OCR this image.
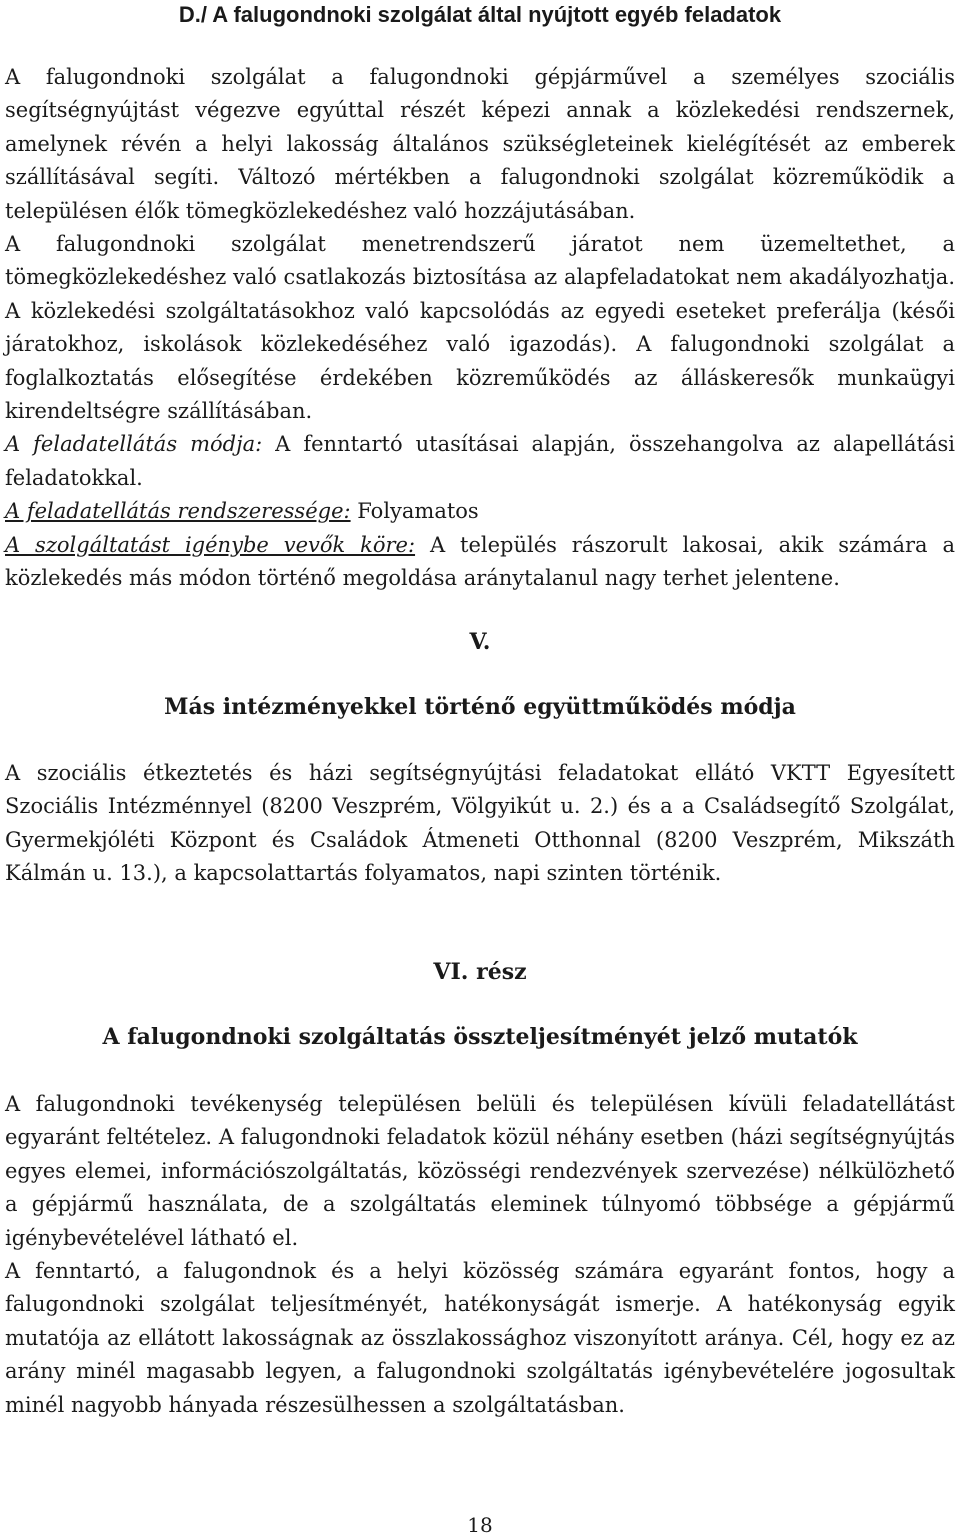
D./ A falugondnoki szolgálat által nyújtott egyéb feladatok

A falugondnoki szolgálat a falugondnoki gépjárművel a személyes szociális segítségnyújtást végezve egyúttal részét képezi annak a közlekedési rendszernek, amelynek révén a helyi lakosság általános szükségleteinek kielégítését az emberek szállításával segíti. Változó mértékben a falugondnoki szolgálat közreműködik a településen élők tömegközlekedéshez való hozzájutásában.

A falugondnoki szolgálat menetrendszerű járatot nem üzemeltethet, a tömegközlekedéshez való csatlakozás biztosítása az alapfeladatokat nem akadályozhatja. A közlekedési szolgáltatásokhoz való kapcsolódás az egyedi eseteket preferálja (késői járatokhoz, iskolások közlekedéséhez való igazodás). A falugondnoki szolgálat a foglalkoztatás elősegítése érdekében közreműködés az álláskeresők munkaügyi kirendeltségre szállításában.

A feladatellátás módja: A fenntartó utasításai alapján, összehangolva az alapellátási feladatokkal.

A feladatellátás rendszeressége: Folyamatos

A szolgáltatást igénybe vevők köre: A település rászorult lakosai, akik számára a közlekedés más módon történő megoldása aránytalanul nagy terhet jelentene.

V.
Más intézményekkel történő együttműködés módja

A szociális étkeztetés és házi segítségnyújtási feladatokat ellátó VKTT Egyesített Szociális Intézménnyel (8200 Veszprém, Völgyikút u. 2.) és a a Családsegítő Szolgálat, Gyermekjóléti Központ és Családok Átmeneti Otthonnal (8200 Veszprém, Mikszáth Kálmán u. 13.), a kapcsolattartás folyamatos, napi szinten történik.

VI. rész
A falugondnoki szolgáltatás összteljesítményét jelző mutatók

A falugondnoki tevékenység településen belüli és településen kívüli feladatellátást egyaránt feltételez. A falugondnoki feladatok közül néhány esetben (házi segítségnyújtás egyes elemei, információszolgáltatás, közösségi rendezvények szervezése) nélkülözhető a gépjármű használata, de a szolgáltatás eleminek túlnyomó többsége a gépjármű igénybevételével látható el.

A fenntartó, a falugondnok és a helyi közösség számára egyaránt fontos, hogy a falugondnoki szolgálat teljesítményét, hatékonyságát ismerje. A hatékonyság egyik mutatója az ellátott lakosságnak az összlakossághoz viszonyított aránya. Cél, hogy ez az arány minél magasabb legyen, a falugondnoki szolgáltatás igénybevételére jogosultak minél nagyobb hányada részesülhessen a szolgáltatásban.

18
